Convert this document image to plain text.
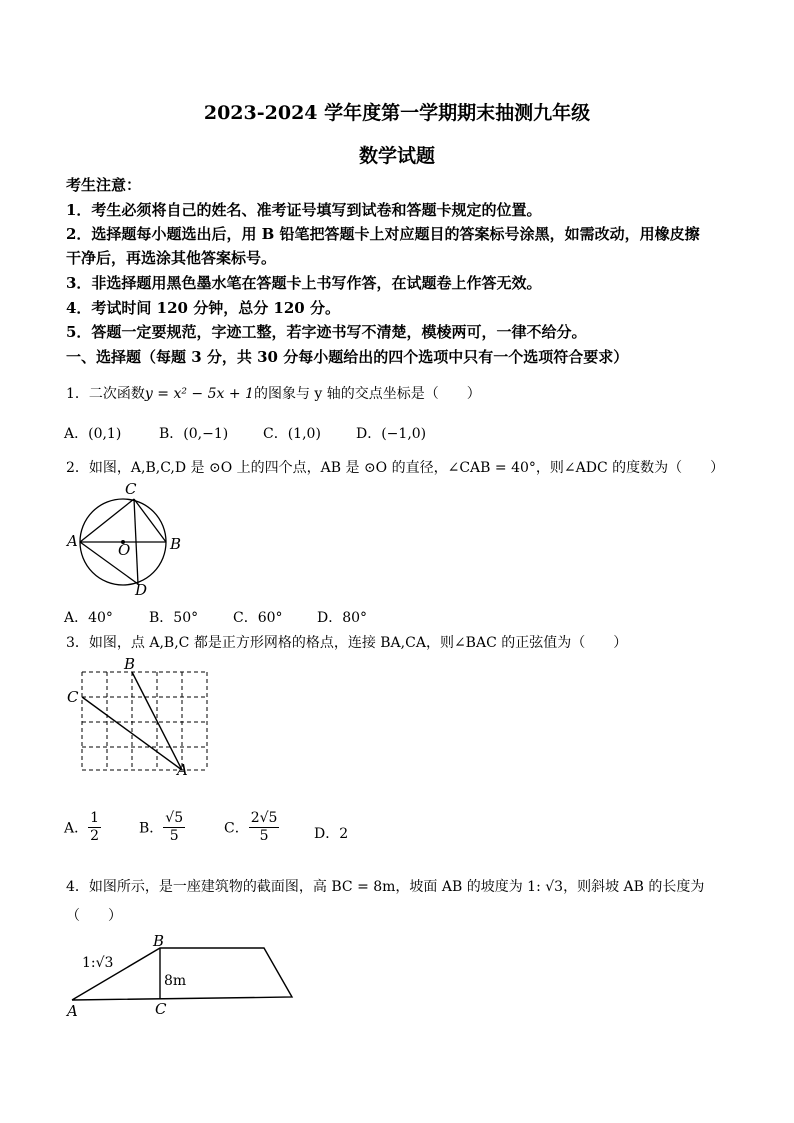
2023-2024 学年度第一学期期末抽测九年级
数学试题
考生注意：
1．考生必须将自己的姓名、准考证号填写到试卷和答题卡规定的位置。
2．选择题每小题选出后，用 B 铅笔把答题卡上对应题目的答案标号涂黑，如需改动，用橡皮擦
干净后，再选涂其他答案标号。
3．非选择题用黑色墨水笔在答题卡上书写作答，在试题卷上作答无效。
4．考试时间 120 分钟，总分 120 分。
5．答题一定要规范，字迹工整，若字迹书写不清楚，模棱两可，一律不给分。
一、选择题（每题 3 分，共 30 分每小题给出的四个选项中只有一个选项符合要求）
1．二次函数y = x² − 5x + 1的图象与 y 轴的交点坐标是（　　）
A．(0,1)	B．(0,−1) C．(1,0)	D．(−1,0)
2．如图，A,B,C,D 是 ⊙O 上的四个点，AB 是 ⊙O 的直径，∠CAB = 40°，则∠ADC 的度数为（　　）
C
A	B
O
D
A．40°	B．50° C．60° D．80°
3．如图，点 A,B,C 都是正方形网格的格点，连接 BA,CA，则∠BAC 的正弦值为（　　）
B
C
A
A． $\frac{1}{2}$	B． $\frac{√5}{5}$	C． $\frac{2√5}{5}$ D．2
4．如图所示，是一座建筑物的截面图，高 BC = 8m，坡面 AB 的坡度为 1: √3，则斜坡 AB 的长度为
（　　）
B
1:√3
8m
A	C
